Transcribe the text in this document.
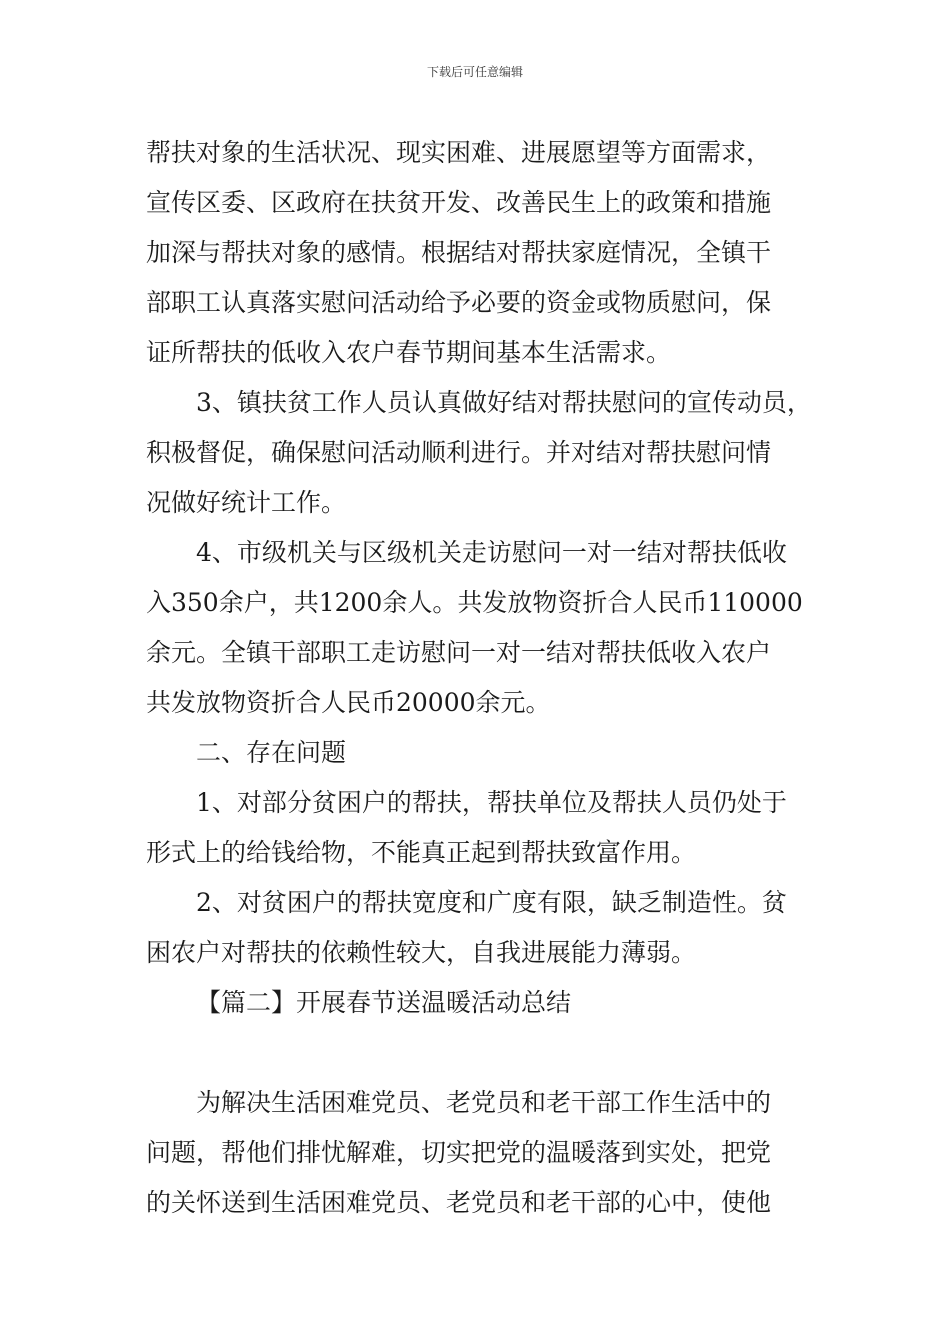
下载后可任意编辑

帮扶对象的生活状况、现实困难、进展愿望等方面需求，

宣传区委、区政府在扶贫开发、改善民生上的政策和措施

加深与帮扶对象的感情。根据结对帮扶家庭情况，全镇干

部职工认真落实慰问活动给予必要的资金或物质慰问，保

证所帮扶的低收入农户春节期间基本生活需求。

3、镇扶贫工作人员认真做好结对帮扶慰问的宣传动员，

积极督促，确保慰问活动顺利进行。并对结对帮扶慰问情

况做好统计工作。

4、市级机关与区级机关走访慰问一对一结对帮扶低收

入350余户，共1200余人。共发放物资折合人民币110000

余元。全镇干部职工走访慰问一对一结对帮扶低收入农户

共发放物资折合人民币20000余元。

二、存在问题

1、对部分贫困户的帮扶，帮扶单位及帮扶人员仍处于

形式上的给钱给物，不能真正起到帮扶致富作用。

2、对贫困户的帮扶宽度和广度有限，缺乏制造性。贫

困农户对帮扶的依赖性较大，自我进展能力薄弱。

【篇二】开展春节送温暖活动总结

为解决生活困难党员、老党员和老干部工作生活中的

问题，帮他们排忧解难，切实把党的温暖落到实处，把党

的关怀送到生活困难党员、老党员和老干部的心中，使他
